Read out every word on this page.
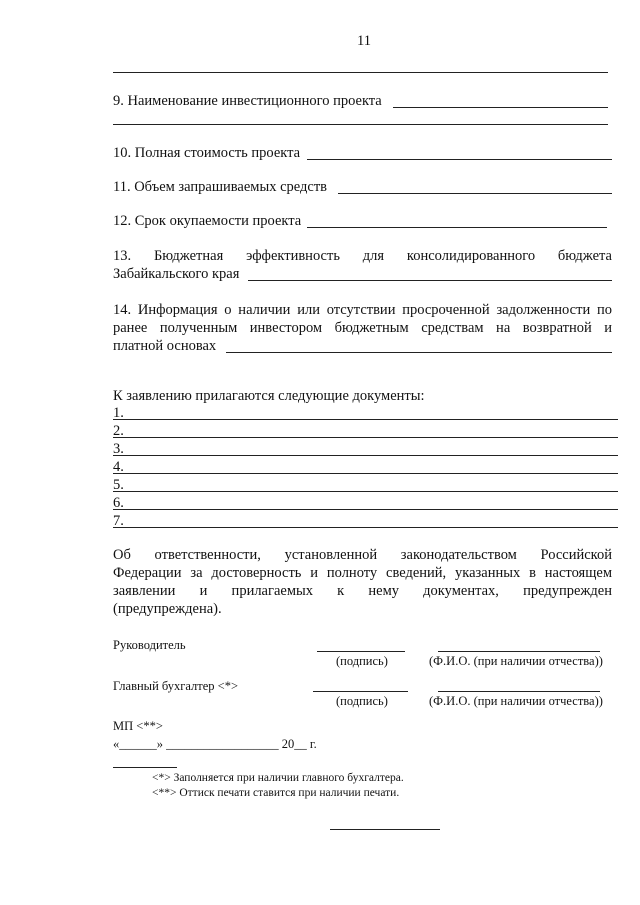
11
9. Наименование инвестиционного проекта
10. Полная стоимость проекта
11. Объем запрашиваемых средств
12. Срок окупаемости проекта
13. Бюджетная эффективность для консолидированного бюджета
Забайкальского края
14. Информация о наличии или отсутствии просроченной задолженности по
ранее полученным инвестором бюджетным средствам на возвратной и
платной основах
К заявлению прилагаются следующие документы:
1.
2.
3.
4.
5.
6.
7.
Об ответственности, установленной законодательством Российской
Федерации за достоверность и полноту сведений, указанных в настоящем
заявлении и прилагаемых к нему документах, предупрежден
(предупреждена).
Руководитель
(подпись)	(Ф.И.О. (при наличии отчества))
Главный бухгалтер <*>
(подпись)	(Ф.И.О. (при наличии отчества))
МП <**>
«______» __________________ 20__ г.
<*> Заполняется при наличии главного бухгалтера.
<**> Оттиск печати ставится при наличии печати.
